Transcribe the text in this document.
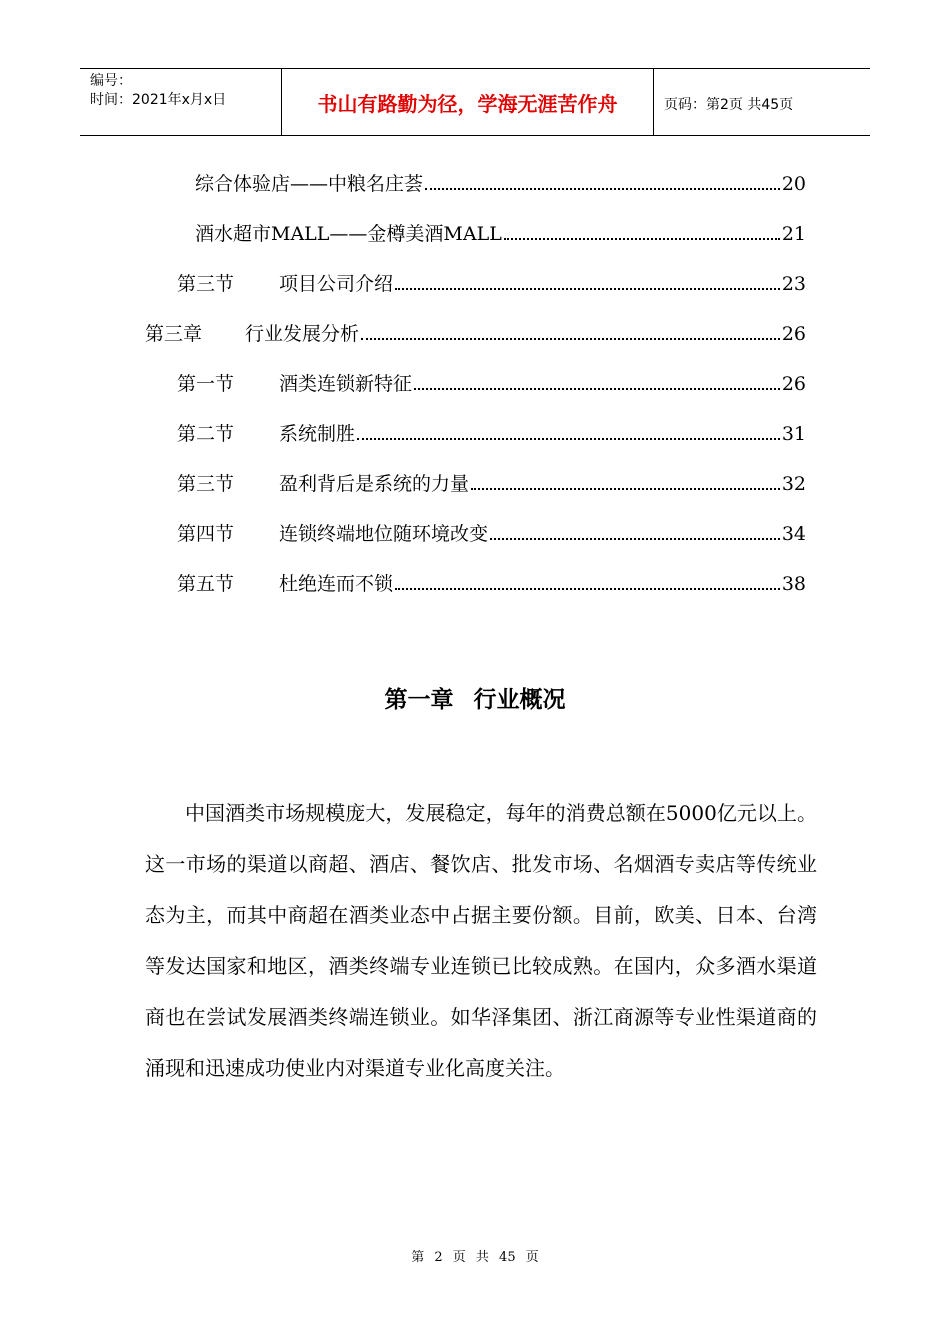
编号：
时间：2021年x月x日	书山有路勤为径，学海无涯苦作舟	页码：第2页 共45页
综合体验店——中粮名庄荟	20
酒水超市MALL——金樽美酒MALL	21
第三节	项目公司介绍	23
第三章	行业发展分析	26
第一节	酒类连锁新特征	26
第二节	系统制胜	31
第三节	盈利背后是系统的力量	32
第四节	连锁终端地位随环境改变	34
第五节	杜绝连而不锁	38
第一章 行业概况
中国酒类市场规模庞大，发展稳定，每年的消费总额在5000亿元以上。这一市场的渠道以商超、酒店、餐饮店、批发市场、名烟酒专卖店等传统业态为主，而其中商超在酒类业态中占据主要份额。目前，欧美、日本、台湾等发达国家和地区，酒类终端专业连锁已比较成熟。在国内，众多酒水渠道商也在尝试发展酒类终端连锁业。如华泽集团、浙江商源等专业性渠道商的涌现和迅速成功使业内对渠道专业化高度关注。
第 2 页 共 45 页
